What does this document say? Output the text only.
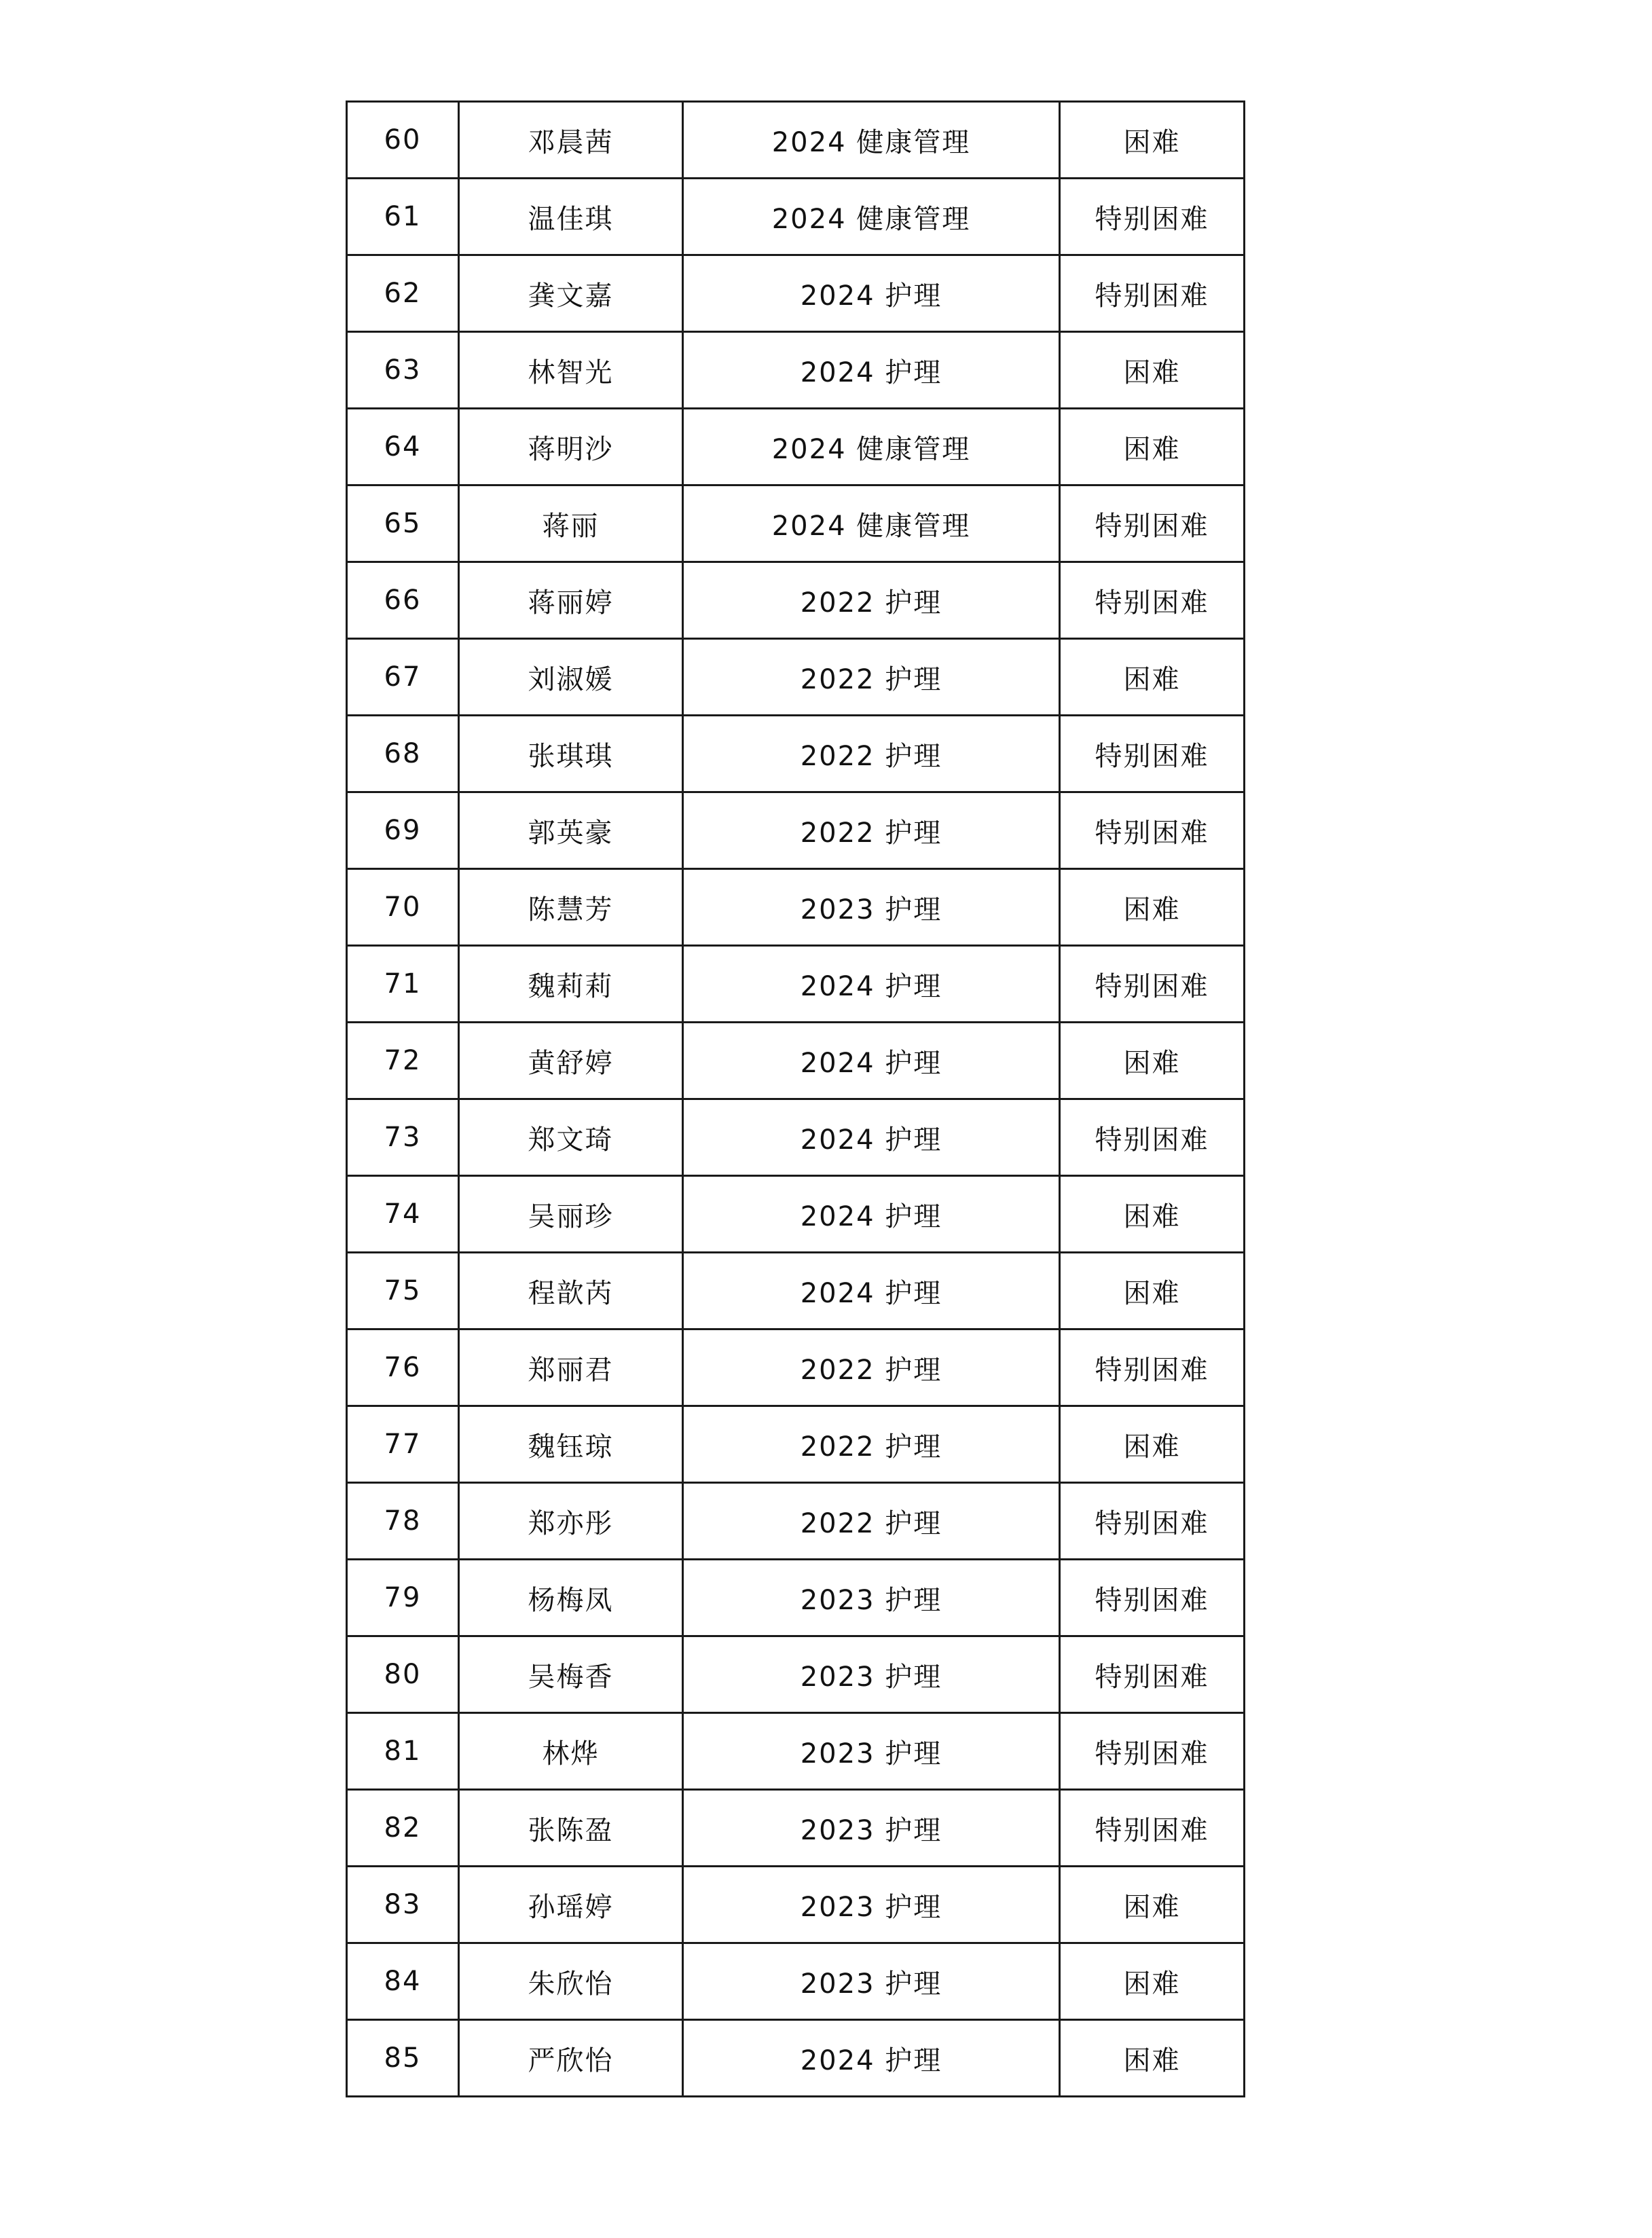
60	邓晨茜	2024 健康管理	困难
61	温佳琪	2024 健康管理	特别困难
62	龚文嘉	2024 护理	特别困难
63	林智光	2024 护理	困难
64	蒋明沙	2024 健康管理	困难
65	蒋丽	2024 健康管理	特别困难
66	蒋丽婷	2022 护理	特别困难
67	刘淑媛	2022 护理	困难
68	张琪琪	2022 护理	特别困难
69	郭英豪	2022 护理	特别困难
70	陈慧芳	2023 护理	困难
71	魏莉莉	2024 护理	特别困难
72	黄舒婷	2024 护理	困难
73	郑文琦	2024 护理	特别困难
74	吴丽珍	2024 护理	困难
75	程歆芮	2024 护理	困难
76	郑丽君	2022 护理	特别困难
77	魏钰琼	2022 护理	困难
78	郑亦彤	2022 护理	特别困难
79	杨梅凤	2023 护理	特别困难
80	吴梅香	2023 护理	特别困难
81	林烨	2023 护理	特别困难
82	张陈盈	2023 护理	特别困难
83	孙瑶婷	2023 护理	困难
84	朱欣怡	2023 护理	困难
85	严欣怡	2024 护理	困难
